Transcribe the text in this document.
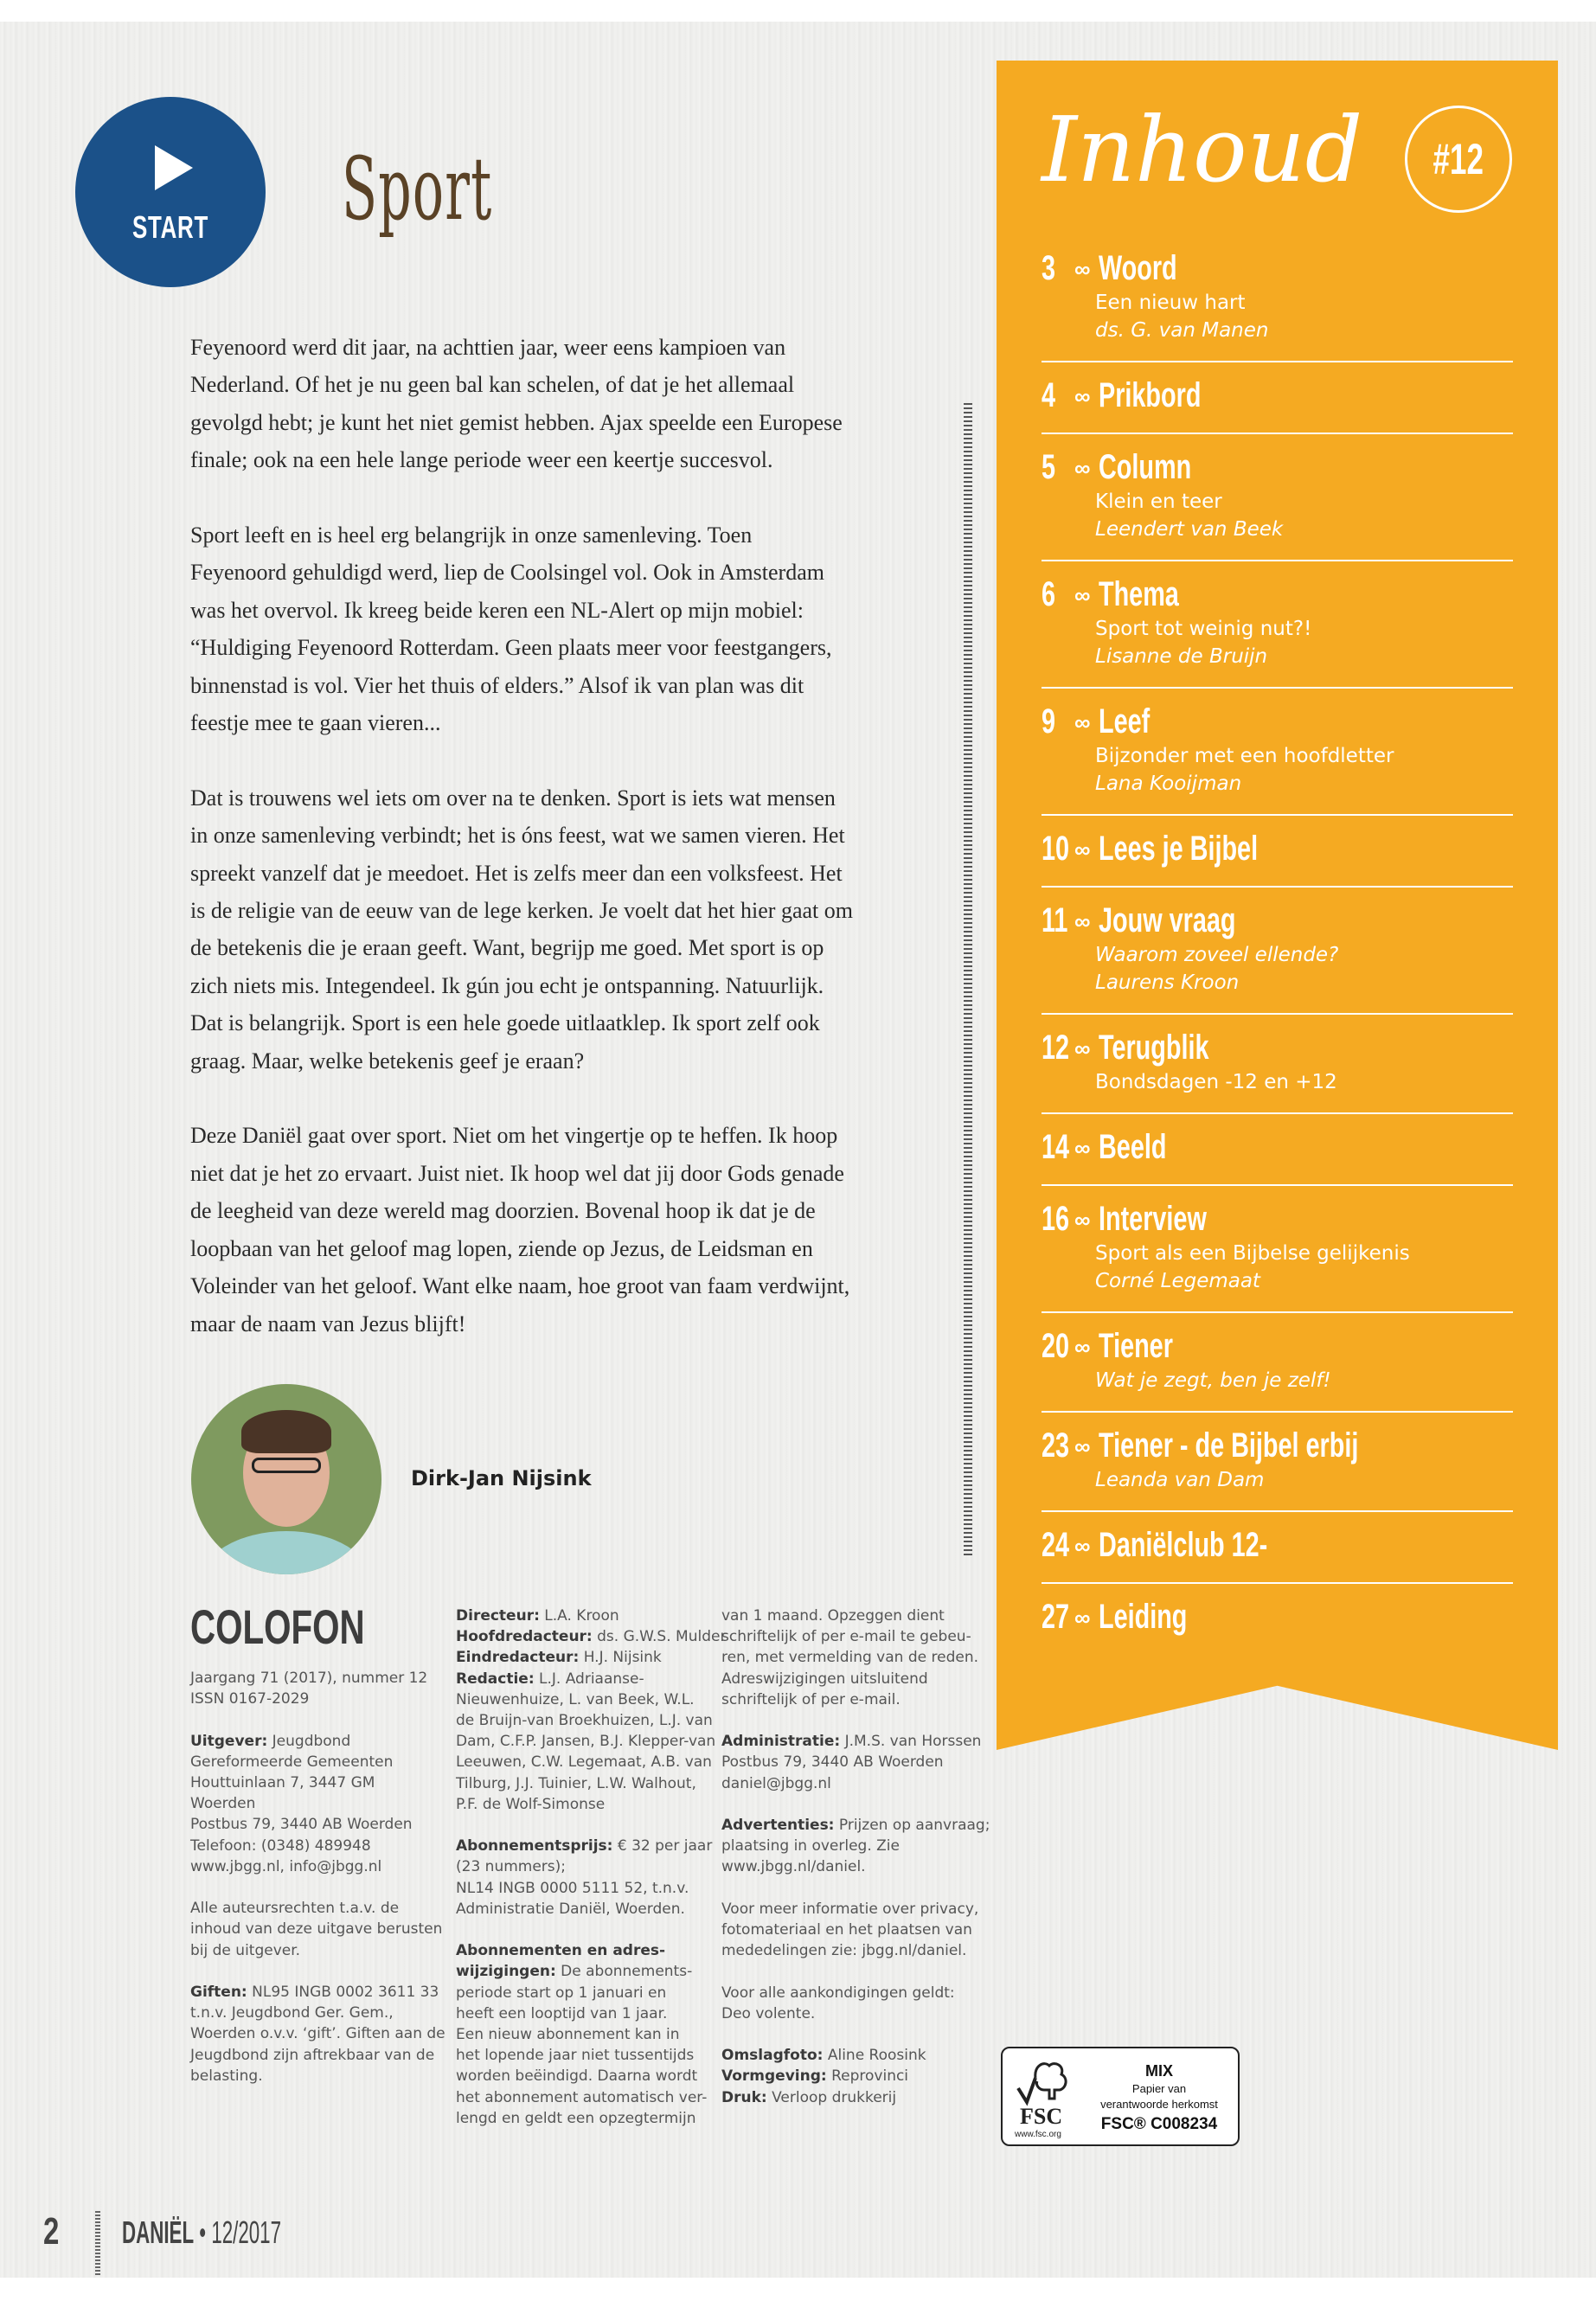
START	Sport
Feyenoord werd dit jaar, na achttien jaar, weer eens kampioen van
Nederland. Of het je nu geen bal kan schelen, of dat je het allemaal
gevolgd hebt; je kunt het niet gemist hebben. Ajax speelde een Europese
finale; ook na een hele lange periode weer een keertje succesvol.
Sport leeft en is heel erg belangrijk in onze samenleving. Toen
Feyenoord gehuldigd werd, liep de Coolsingel vol. Ook in Amsterdam
was het overvol. Ik kreeg beide keren een NL-Alert op mijn mobiel:
“Huldiging Feyenoord Rotterdam. Geen plaats meer voor feestgangers,
binnenstad is vol. Vier het thuis of elders.” Alsof ik van plan was dit
feestje mee te gaan vieren...
Dat is trouwens wel iets om over na te denken. Sport is iets wat mensen
in onze samenleving verbindt; het is óns feest, wat we samen vieren. Het
spreekt vanzelf dat je meedoet. Het is zelfs meer dan een volksfeest. Het
is de religie van de eeuw van de lege kerken. Je voelt dat het hier gaat om
de betekenis die je eraan geeft. Want, begrijp me goed. Met sport is op
zich niets mis. Integendeel. Ik gún jou echt je ontspanning. Natuurlijk.
Dat is belangrijk. Sport is een hele goede uitlaatklep. Ik sport zelf ook
graag. Maar, welke betekenis geef je eraan?
Deze Daniël gaat over sport. Niet om het vingertje op te heffen. Ik hoop
niet dat je het zo ervaart. Juist niet. Ik hoop wel dat jij door Gods genade
de leegheid van deze wereld mag doorzien. Bovenal hoop ik dat je de
loopbaan van het geloof mag lopen, ziende op Jezus, de Leidsman en
Voleinder van het geloof. Want elke naam, hoe groot van faam verdwijnt,
maar de naam van Jezus blijft!
Dirk-Jan Nijsink
COLOFON
Jaargang 71 (2017), nummer 12
ISSN 0167-2029
Uitgever: Jeugdbond
Gereformeerde Gemeenten
Houttuinlaan 7, 3447 GM
Woerden
Postbus 79, 3440 AB Woerden
Telefoon: (0348) 489948
www.jbgg.nl, info@jbgg.nl
Alle auteursrechten t.a.v. de
inhoud van deze uitgave berusten
bij de uitgever.
Giften: NL95 INGB 0002 3611 33
t.n.v. Jeugdbond Ger. Gem.,
Woerden o.v.v. ‘gift’. Giften aan de
Jeugdbond zijn aftrekbaar van de
belasting.
Directeur: L.A. Kroon
Hoofdredacteur: ds. G.W.S. Mulder
Eindredacteur: H.J. Nijsink
Redactie: L.J. Adriaanse-
Nieuwenhuize, L. van Beek, W.L.
de Bruijn-van Broekhuizen, L.J. van
Dam, C.F.P. Jansen, B.J. Klepper-van
Leeuwen, C.W. Legemaat, A.B. van
Tilburg, J.J. Tuinier, L.W. Walhout,
P.F. de Wolf-Simonse
Abonnementsprijs: € 32 per jaar
(23 nummers);
NL14 INGB 0000 5111 52, t.n.v.
Administratie Daniël, Woerden.
Abonnementen en adres-
wijzigingen: De abonnements-
periode start op 1 januari en
heeft een looptijd van 1 jaar.
Een nieuw abonnement kan in
het lopende jaar niet tussentijds
worden beëindigd. Daarna wordt
het abonnement automatisch ver-
lengd en geldt een opzegtermijn
van 1 maand. Opzeggen dient
schriftelijk of per e-mail te gebeu-
ren, met vermelding van de reden.
Adreswijzigingen uitsluitend
schriftelijk of per e-mail.
Administratie: J.M.S. van Horssen
Postbus 79, 3440 AB Woerden
daniel@jbgg.nl
Advertenties: Prijzen op aanvraag;
plaatsing in overleg. Zie
www.jbgg.nl/daniel.
Voor meer informatie over privacy,
fotomateriaal en het plaatsen van
mededelingen zie: jbgg.nl/daniel.
Voor alle aankondigingen geldt:
Deo volente.
Omslagfoto: Aline Roosink
Vormgeving: Reprovinci
Druk: Verloop drukkerij
Inhoud	#12
3 ∞ Woord
Een nieuw hart
ds. G. van Manen
4 ∞ Prikbord
5 ∞ Column
Klein en teer
Leendert van Beek
6 ∞ Thema
Sport tot weinig nut?!
Lisanne de Bruijn
9 ∞ Leef
Bijzonder met een hoofdletter
Lana Kooijman
10 ∞ Lees je Bijbel
11 ∞ Jouw vraag
Waarom zoveel ellende?
Laurens Kroon
12 ∞ Terugblik
Bondsdagen -12 en +12
14 ∞ Beeld
16 ∞ Interview
Sport als een Bijbelse gelijkenis
Corné Legemaat
20 ∞ Tiener
Wat je zegt, ben je zelf!
23 ∞ Tiener - de Bijbel erbij
Leanda van Dam
24 ∞ Daniëlclub 12-
27 ∞ Leiding
FSC
www.fsc.org
MIX
Papier van
verantwoorde herkomst
FSC® C008234
2 DANIËL • 12/2017
